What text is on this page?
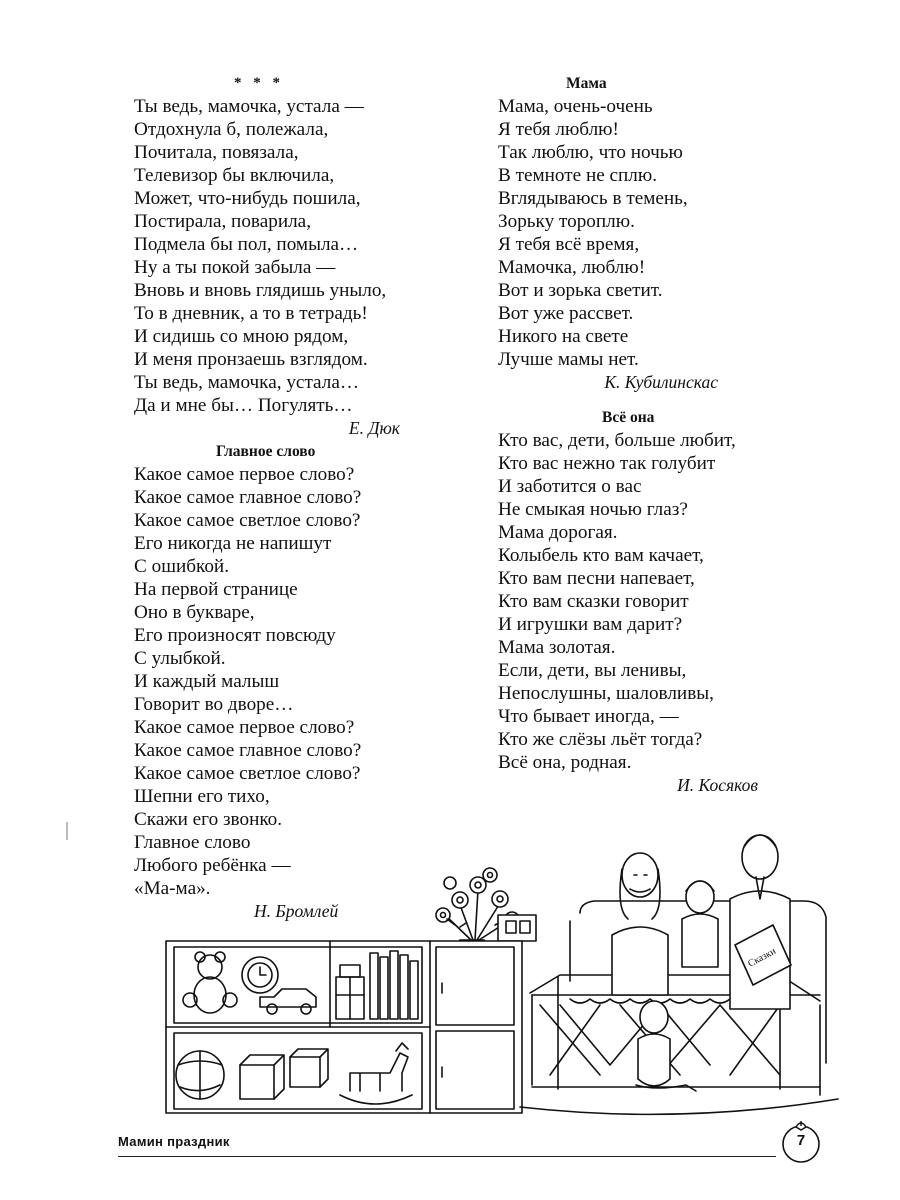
* * *
Ты ведь, мамочка, устала —
Отдохнула б, полежала,
Почитала, повязала,
Телевизор бы включила,
Может, что-нибудь пошила,
Постирала, поварила,
Подмела бы пол, помыла…
Ну а ты покой забыла —
Вновь и вновь глядишь уныло,
То в дневник, а то в тетрадь!
И сидишь со мною рядом,
И меня пронзаешь взглядом.
Ты ведь, мамочка, устала…
Да и мне бы… Погулять…
Е. Дюк
Главное слово
Какое самое первое слово?
Какое самое главное слово?
Какое самое светлое слово?
Его никогда не напишут
С ошибкой.
На первой странице
Оно в букваре,
Его произносят повсюду
С улыбкой.
И каждый малыш
Говорит во дворе…
Какое самое первое слово?
Какое самое главное слово?
Какое самое светлое слово?
Шепни его тихо,
Скажи его звонко.
Главное слово
Любого ребёнка —
«Ма-ма».
Н. Бромлей
Мама
Мама, очень-очень
Я тебя люблю!
Так люблю, что ночью
В темноте не сплю.
Вглядываюсь в темень,
Зорьку тороплю.
Я тебя всё время,
Мамочка, люблю!
Вот и зорька светит.
Вот уже рассвет.
Никого на свете
Лучше мамы нет.
К. Кубилинскас
Всё она
Кто вас, дети, больше любит,
Кто вас нежно так голубит
И заботится о вас
Не смыкая ночью глаз?
Мама дорогая.
Колыбель кто вам качает,
Кто вам песни напевает,
Кто вам сказки говорит
И игрушки вам дарит?
Мама золотая.
Если, дети, вы ленивы,
Непослушны, шаловливы,
Что бывает иногда, —
Кто же слёзы льёт тогда?
Всё она, родная.
И. Косяков
Сказки
Мамин праздник	7
